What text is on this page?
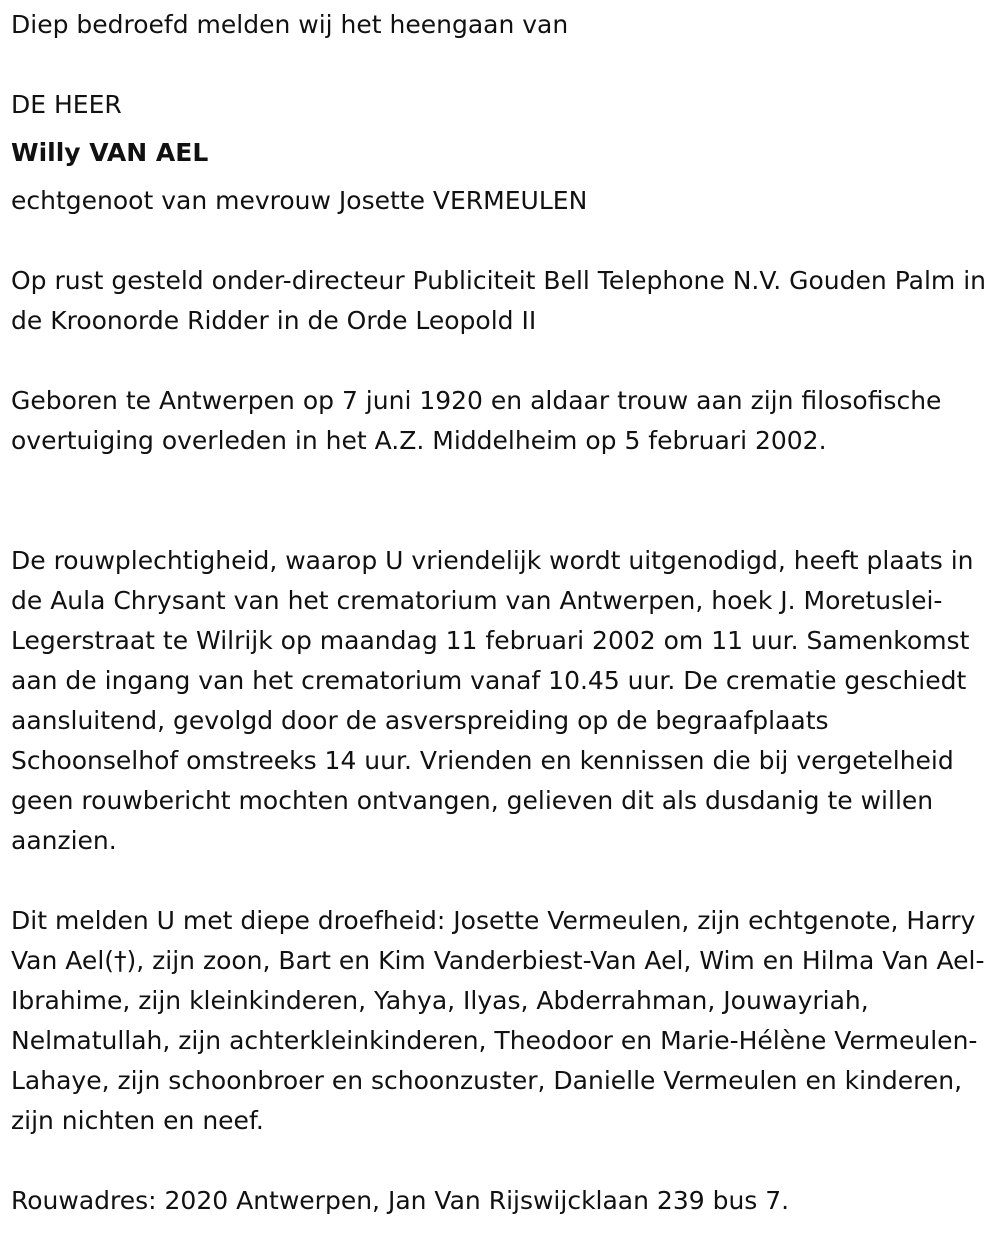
Diep bedroefd melden wij het heengaan van

DE HEER

Willy VAN AEL

echtgenoot van mevrouw Josette VERMEULEN

Op rust gesteld onder-directeur Publiciteit Bell Telephone N.V. Gouden Palm in de Kroonorde Ridder in de Orde Leopold II

Geboren te Antwerpen op 7 juni 1920 en aldaar trouw aan zijn filosofische overtuiging overleden in het A.Z. Middelheim op 5 februari 2002.

De rouwplechtigheid, waarop U vriendelijk wordt uitgenodigd, heeft plaats in de Aula Chrysant van het crematorium van Antwerpen, hoek J. Moretuslei-Legerstraat te Wilrijk op maandag 11 februari 2002 om 11 uur. Samenkomst aan de ingang van het crematorium vanaf 10.45 uur. De crematie geschiedt aansluitend, gevolgd door de asverspreiding op de begraafplaats Schoonselhof omstreeks 14 uur. Vrienden en kennissen die bij vergetelheid geen rouwbericht mochten ontvangen, gelieven dit als dusdanig te willen aanzien.

Dit melden U met diepe droefheid: Josette Vermeulen, zijn echtgenote, Harry Van Ael(†), zijn zoon, Bart en Kim Vanderbiest-Van Ael, Wim en Hilma Van Ael-Ibrahime, zijn kleinkinderen, Yahya, Ilyas, Abderrahman, Jouwayriah, Nelmatullah, zijn achterkleinkinderen, Theodoor en Marie-Hélène Vermeulen-Lahaye, zijn schoonbroer en schoonzuster, Danielle Vermeulen en kinderen, zijn nichten en neef.

Rouwadres: 2020 Antwerpen, Jan Van Rijswijcklaan 239 bus 7.
